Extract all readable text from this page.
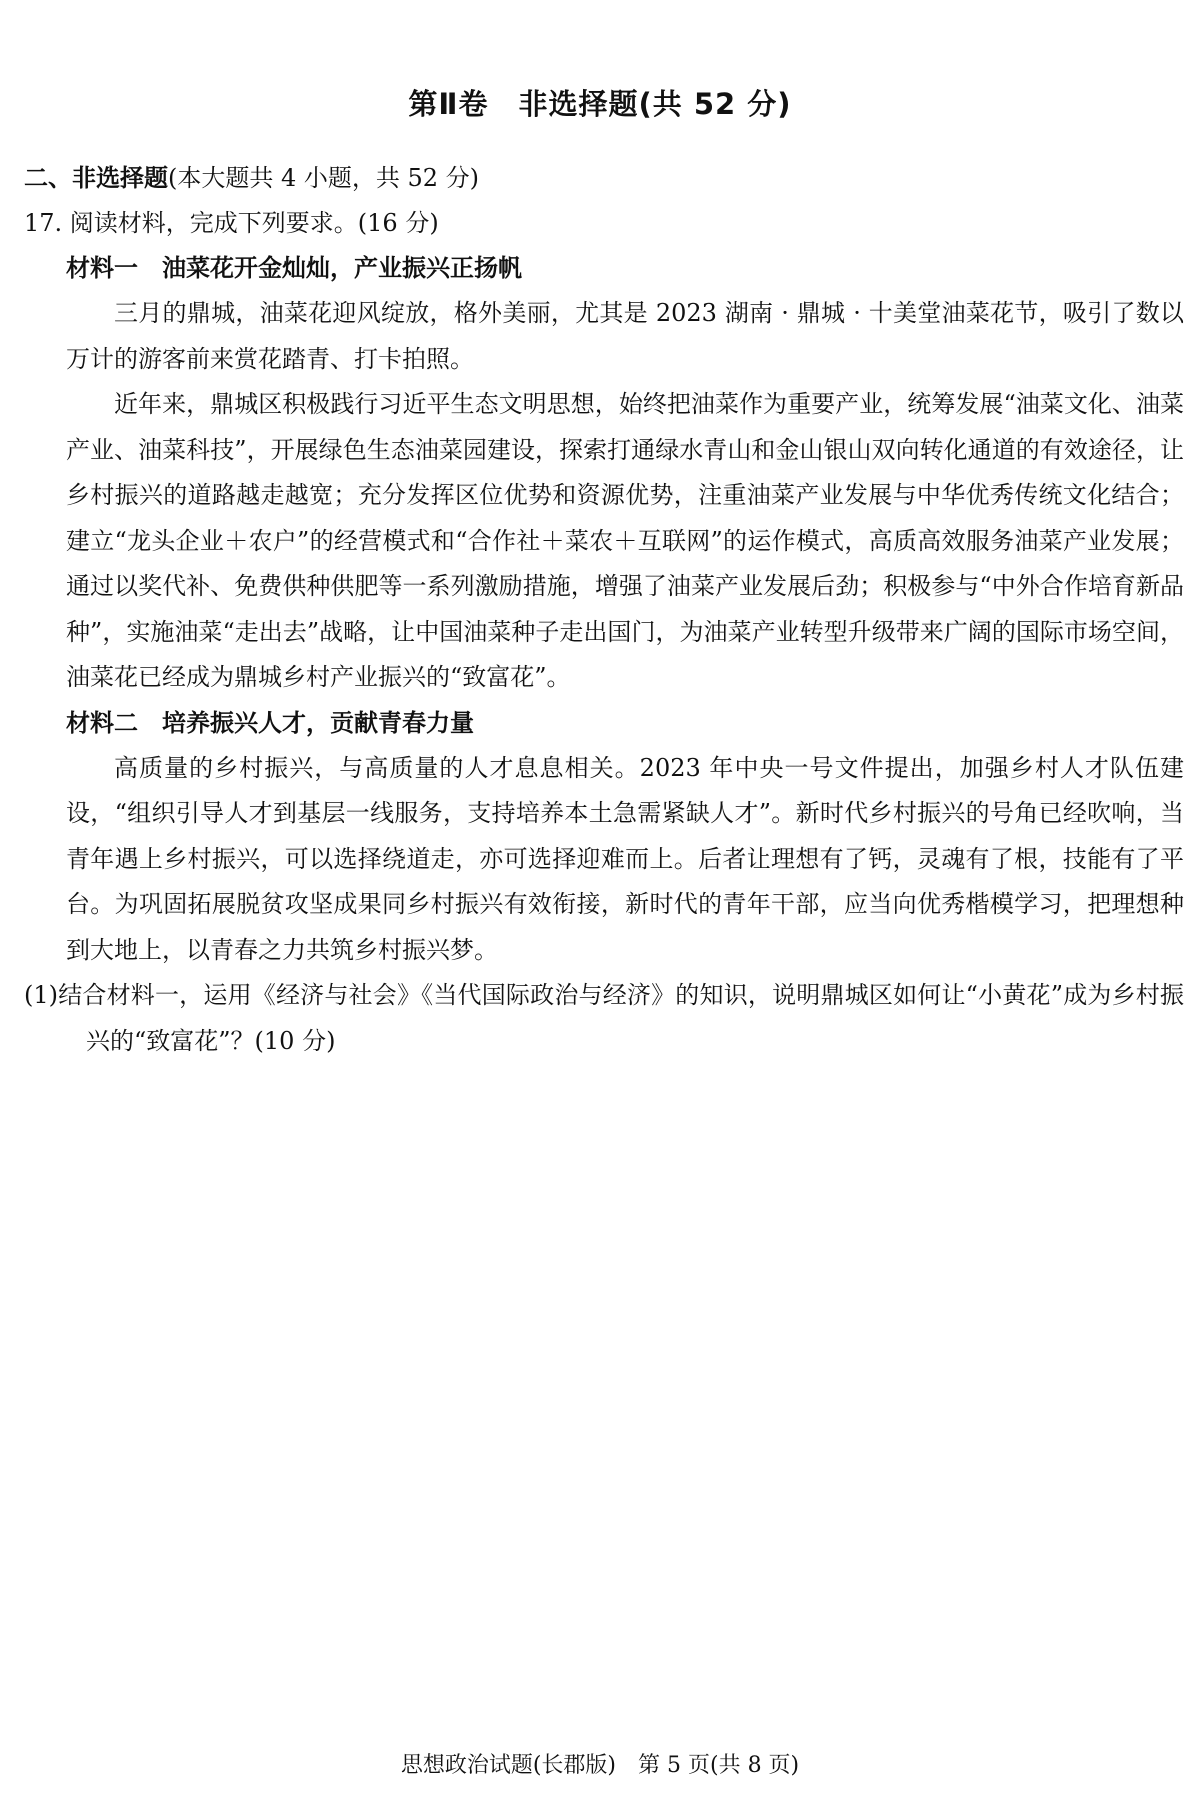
第Ⅱ卷　非选择题(共 52 分)

二、非选择题(本大题共 4 小题，共 52 分)

17. 阅读材料，完成下列要求。(16 分)

材料一　油菜花开金灿灿，产业振兴正扬帆

三月的鼎城，油菜花迎风绽放，格外美丽，尤其是 2023 湖南 · 鼎城 · 十美堂油菜花节，吸引了数以万计的游客前来赏花踏青、打卡拍照。

近年来，鼎城区积极践行习近平生态文明思想，始终把油菜作为重要产业，统筹发展“油菜文化、油菜产业、油菜科技”，开展绿色生态油菜园建设，探索打通绿水青山和金山银山双向转化通道的有效途径，让乡村振兴的道路越走越宽；充分发挥区位优势和资源优势，注重油菜产业发展与中华优秀传统文化结合；建立“龙头企业＋农户”的经营模式和“合作社＋菜农＋互联网”的运作模式，高质高效服务油菜产业发展；通过以奖代补、免费供种供肥等一系列激励措施，增强了油菜产业发展后劲；积极参与“中外合作培育新品种”，实施油菜“走出去”战略，让中国油菜种子走出国门，为油菜产业转型升级带来广阔的国际市场空间，油菜花已经成为鼎城乡村产业振兴的“致富花”。

材料二　培养振兴人才，贡献青春力量

高质量的乡村振兴，与高质量的人才息息相关。2023 年中央一号文件提出，加强乡村人才队伍建设，“组织引导人才到基层一线服务，支持培养本土急需紧缺人才”。新时代乡村振兴的号角已经吹响，当青年遇上乡村振兴，可以选择绕道走，亦可选择迎难而上。后者让理想有了钙，灵魂有了根，技能有了平台。为巩固拓展脱贫攻坚成果同乡村振兴有效衔接，新时代的青年干部，应当向优秀楷模学习，把理想种到大地上，以青春之力共筑乡村振兴梦。

(1)结合材料一，运用《经济与社会》《当代国际政治与经济》的知识，说明鼎城区如何让“小黄花”成为乡村振兴的“致富花”？(10 分)

思想政治试题(长郡版)　第 5 页(共 8 页)
